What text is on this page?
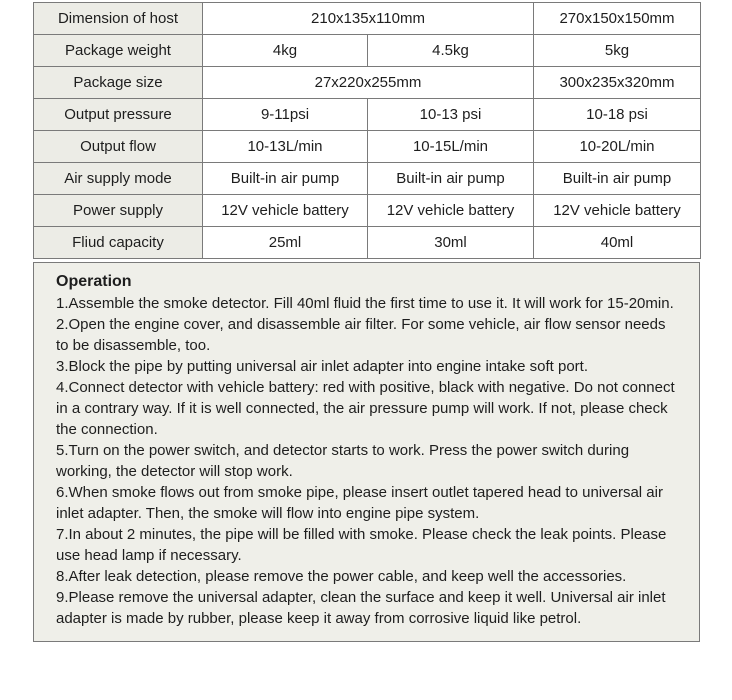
Dimension of host	210x135x110mm		270x150x150mm
Package weight	4kg	4.5kg	5kg
Package size	27x220x255mm		300x235x320mm
Output pressure	9-11psi	10-13 psi	10-18 psi
Output flow	10-13L/min	10-15L/min	10-20L/min
Air supply mode	Built-in air pump	Built-in air pump	Built-in air pump
Power supply	12V vehicle battery	12V vehicle battery	12V vehicle battery
Fliud capacity	25ml	30ml	40ml
Operation

1.Assemble the smoke detector. Fill 40ml fluid the first time to use it. It will work for 15-20min.

2.Open the engine cover, and disassemble air filter. For some vehicle, air flow sensor needs to be disassemble, too.

3.Block the pipe by putting universal air inlet adapter into engine intake soft port.

4.Connect detector with vehicle battery: red with positive, black with negative. Do not connect in a contrary way. If it is well connected, the air pressure pump will work. If not, please check the connection.

5.Turn on the power switch, and detector starts to work. Press the power switch during working, the detector will stop work.

6.When smoke flows out from smoke pipe, please insert outlet tapered head to universal air inlet adapter. Then, the smoke will flow into engine pipe system.

7.In about 2 minutes, the pipe will be filled with smoke. Please check the leak points. Please use head lamp if necessary.

8.After leak detection, please remove the power cable, and keep well the accessories.

9.Please remove the universal adapter, clean the surface and keep it well. Universal air inlet adapter is made by rubber, please keep it away from corrosive liquid like petrol.
